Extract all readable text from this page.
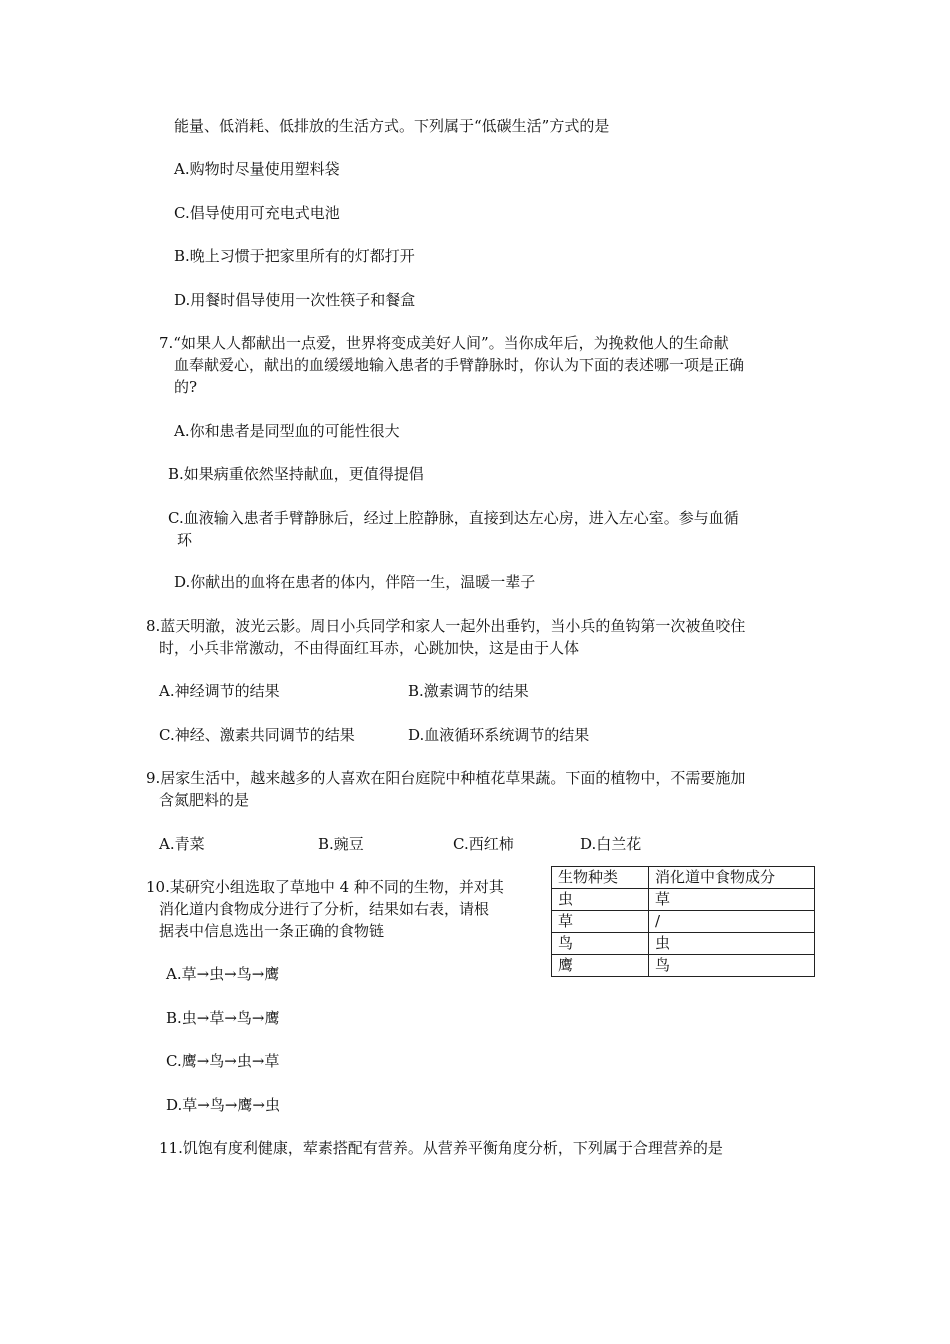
能量、低消耗、低排放的生活方式。下列属于“低碳生活”方式的是
A.购物时尽量使用塑料袋
C.倡导使用可充电式电池
B.晚上习惯于把家里所有的灯都打开
D.用餐时倡导使用一次性筷子和餐盒
7.“如果人人都献出一点爱，世界将变成美好人间”。当你成年后，为挽救他人的生命献
血奉献爱心，献出的血缓缓地输入患者的手臂静脉时，你认为下面的表述哪一项是正确
的?
A.你和患者是同型血的可能性很大
B.如果病重依然坚持献血，更值得提倡
C.血液输入患者手臂静脉后，经过上腔静脉，直接到达左心房，进入左心室。参与血循
环
D.你献出的血将在患者的体内，伴陪一生，温暖一辈子
8.蓝天明澈，波光云影。周日小兵同学和家人一起外出垂钓，当小兵的鱼钩第一次被鱼咬住
时，小兵非常激动，不由得面红耳赤，心跳加快，这是由于人体
A.神经调节的结果	B.激素调节的结果
C.神经、激素共同调节的结果	D.血液循环系统调节的结果
9.居家生活中，越来越多的人喜欢在阳台庭院中种植花草果蔬。下面的植物中，不需要施加
含氮肥料的是
A.青菜	B.豌豆	C.西红柿	D.白兰花
10.某研究小组选取了草地中 4 种不同的生物，并对其
消化道内食物成分进行了分析，结果如右表，请根
据表中信息选出一条正确的食物链
A.草→虫→鸟→鹰
B.虫→草→鸟→鹰
C.鹰→鸟→虫→草
D.草→鸟→鹰→虫
生物种类	消化道中食物成分
虫	草
草	/
鸟	虫
鹰	鸟
11.饥饱有度利健康，荤素搭配有营养。从营养平衡角度分析，下列属于合理营养的是
